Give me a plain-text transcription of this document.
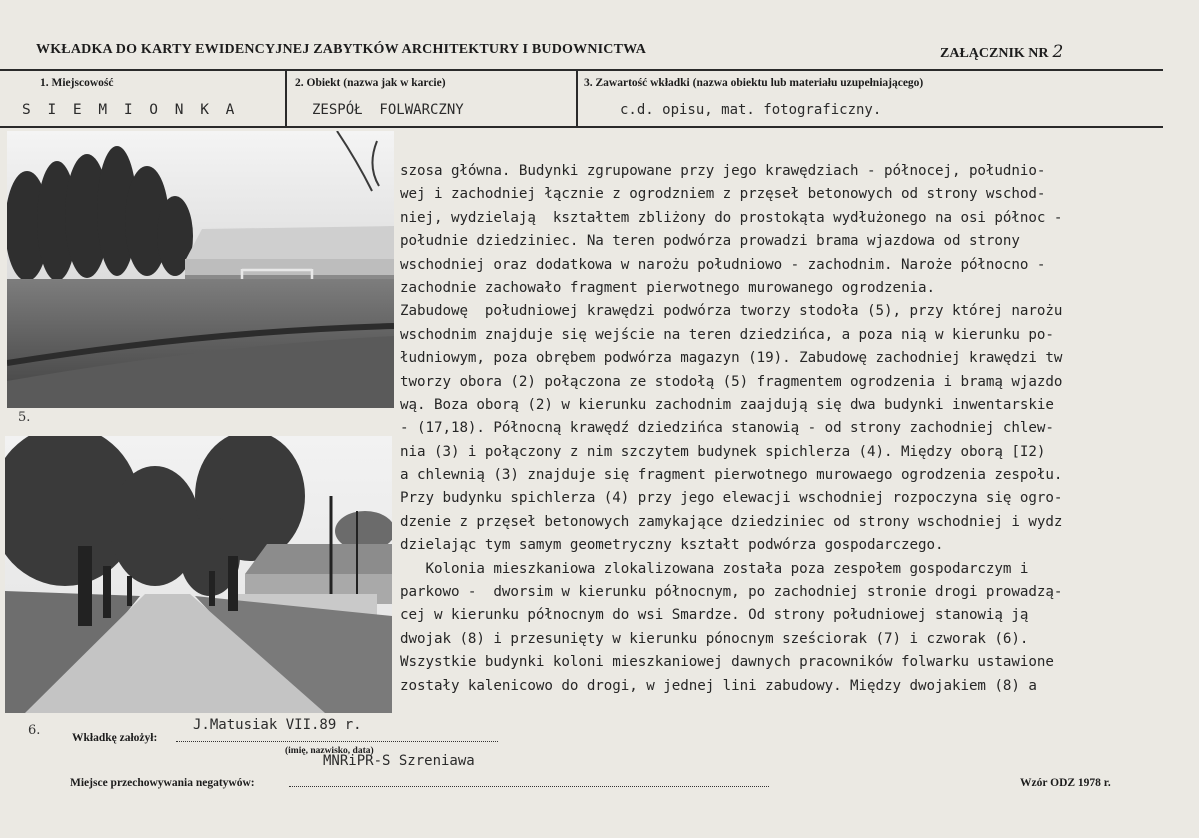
WKŁADKA DO KARTY EWIDENCYJNEJ ZABYTKÓW ARCHITEKTURY I BUDOWNICTWA	ZAŁĄCZNIK NR 2
1. Miejscowość	2. Obiekt (nazwa jak w karcie)	3. Zawartość wkładki (nazwa obiektu lub materiału uzupełniającego)
S I E M I O N K A	ZESPÓŁ  FOLWARCZNY	c.d. opisu, mat. fotograficzny.
5.
6.
szosa główna. Budynki zgrupowane przy jego krawędziach - północej, południo-
wej i zachodniej łącznie z ogrodzniem z przęseł betonowych od strony wschod-
niej, wydzielają  kształtem zbliżony do prostokąta wydłużonego na osi północ -
południe dziedziniec. Na teren podwórza prowadzi brama wjazdowa od strony
wschodniej oraz dodatkowa w narożu południowo - zachodnim. Naroże północno -
zachodnie zachowało fragment pierwotnego murowanego ogrodzenia.
Zabudowę  południowej krawędzi podwórza tworzy stodoła (5), przy której narożu
wschodnim znajduje się wejście na teren dziedzińca, a poza nią w kierunku po-
łudniowym, poza obrębem podwórza magazyn (19). Zabudowę zachodniej krawędzi tw
tworzy obora (2) połączona ze stodołą (5) fragmentem ogrodzenia i bramą wjazdo
wą. Boza oborą (2) w kierunku zachodnim zaajdują się dwa budynki inwentarskie
- (17,18). Północną krawędź dziedzińca stanowią - od strony zachodniej chlew-
nia (3) i połączony z nim szczytem budynek spichlerza (4). Między oborą [I2)
a chlewnią (3) znajduje się fragment pierwotnego murowaego ogrodzenia zespołu.
Przy budynku spichlerza (4) przy jego elewacji wschodniej rozpoczyna się ogro-
dzenie z przęseł betonowych zamykające dziedziniec od strony wschodniej i wydz
dzielając tym samym geometryczny kształt podwórza gospodarczego.
Kolonia mieszkaniowa zlokalizowana została poza zespołem gospodarczym i
parkowo -  dworsim w kierunku północnym, po zachodniej stronie drogi prowadzą-
cej w kierunku północnym do wsi Smardze. Od strony południowej stanowią ją
dwojak (8) i przesunięty w kierunku pónocnym sześciorak (7) i czworak (6).
Wszystkie budynki koloni mieszkaniowej dawnych pracowników folwarku ustawione
zostały kalenicowo do drogi, w jednej lini zabudowy. Między dwojakiem (8) a
Wkładkę założył:
J.Matusiak VII.89 r.
(imię, nazwisko, data)
MNRiPR-S Szreniawa
Miejsce przechowywania negatywów:	Wzór ODZ 1978 r.
